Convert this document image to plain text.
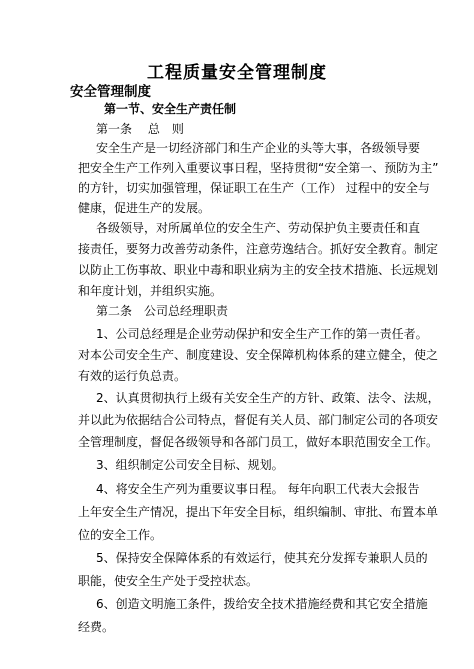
工程质量安全管理制度
安全管理制度
第一节、安全生产责任制
第一条　 总　则
安全生产是一切经济部门和生产企业的头等大事，各级领导要
把安全生产工作列入重要议事日程，坚持贯彻“安全第一、预防为主”
的方针，切实加强管理，保证职工在生产（工作） 过程中的安全与
健康，促进生产的发展。
各级领导，对所属单位的安全生产、劳动保护负主要责任和直
接责任，要努力改善劳动条件，注意劳逸结合。抓好安全教育。制定
以防止工伤事故、职业中毒和职业病为主的安全技术措施、长远规划
和年度计划，并组织实施。
第二条　公司总经理职责
1、公司总经理是企业劳动保护和安全生产工作的第一责任者。
对本公司安全生产、制度建设、安全保障机构体系的建立健全，使之
有效的运行负总责。
2、认真贯彻执行上级有关安全生产的方针、政策、法令、法规，
并以此为依据结合公司特点，督促有关人员、部门制定公司的各项安
全管理制度，督促各级领导和各部门员工，做好本职范围安全工作。
3、组织制定公司安全目标、规划。
4、将安全生产列为重要议事日程。 每年向职工代表大会报告
上年安全生产情况，提出下年安全目标，组织编制、审批、布置本单
位的安全工作。
5、保持安全保障体系的有效运行，使其充分发挥专兼职人员的
职能，使安全生产处于受控状态。
6、创造文明施工条件，拨给安全技术措施经费和其它安全措施
经费。
